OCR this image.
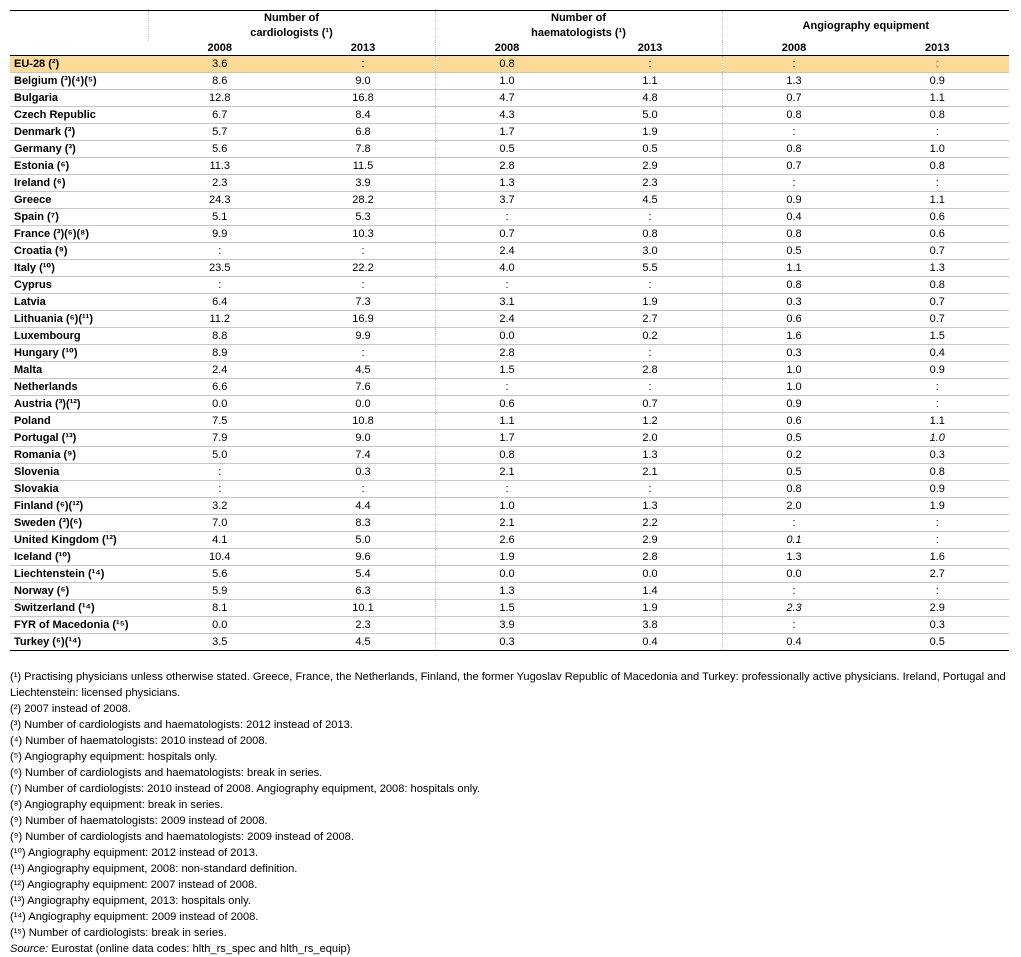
	Number of
cardiologists (¹)		Number of
haematologists (¹)		Angiography equipment	
	2008	2013	2008	2013	2008	2013
EU-28 (²)	3.6	:	0.8	:	:	:
Belgium (³)(⁴)(⁵)	8.6	9.0	1.0	1.1	1.3	0.9
Bulgaria	12.8	16.8	4.7	4.8	0.7	1.1
Czech Republic	6.7	8.4	4.3	5.0	0.8	0.8
Denmark (³)	5.7	6.8	1.7	1.9	:	:
Germany (³)	5.6	7.8	0.5	0.5	0.8	1.0
Estonia (⁶)	11.3	11.5	2.8	2.9	0.7	0.8
Ireland (⁶)	2.3	3.9	1.3	2.3	:	:
Greece	24.3	28.2	3.7	4.5	0.9	1.1
Spain (⁷)	5.1	5.3	:	:	0.4	0.6
France (³)(⁶)(⁸)	9.9	10.3	0.7	0.8	0.8	0.6
Croatia (⁹)	:	:	2.4	3.0	0.5	0.7
Italy (¹⁰)	23.5	22.2	4.0	5.5	1.1	1.3
Cyprus	:	:	:	:	0.8	0.8
Latvia	6.4	7.3	3.1	1.9	0.3	0.7
Lithuania (⁶)(¹¹)	11.2	16.9	2.4	2.7	0.6	0.7
Luxembourg	8.8	9.9	0.0	0.2	1.6	1.5
Hungary (¹⁰)	8.9	:	2.8	:	0.3	0.4
Malta	2.4	4.5	1.5	2.8	1.0	0.9
Netherlands	6.6	7.6	:	:	1.0	:
Austria (³)(¹²)	0.0	0.0	0.6	0.7	0.9	:
Poland	7.5	10.8	1.1	1.2	0.6	1.1
Portugal (¹³)	7.9	9.0	1.7	2.0	0.5	1.0
Romania (⁹)	5.0	7.4	0.8	1.3	0.2	0.3
Slovenia	:	0.3	2.1	2.1	0.5	0.8
Slovakia	:	:	:	:	0.8	0.9
Finland (⁶)(¹²)	3.2	4.4	1.0	1.3	2.0	1.9
Sweden (³)(⁶)	7.0	8.3	2.1	2.2	:	:
United Kingdom (¹²)	4.1	5.0	2.6	2.9	0.1	:
Iceland (¹⁰)	10.4	9.6	1.9	2.8	1.3	1.6
Liechtenstein (¹⁴)	5.6	5.4	0.0	0.0	0.0	2.7
Norway (⁶)	5.9	6.3	1.3	1.4	:	:
Switzerland (¹⁴)	8.1	10.1	1.5	1.9	2.3	2.9
FYR of Macedonia (¹⁵)	0.0	2.3	3.9	3.8	:	0.3
Turkey (⁶)(¹⁴)	3.5	4.5	0.3	0.4	0.4	0.5
(¹) Practising physicians unless otherwise stated. Greece, France, the Netherlands, Finland, the former Yugoslav Republic of Macedonia and Turkey: professionally active physicians. Ireland, Portugal and Liechtenstein: licensed physicians.
(²) 2007 instead of 2008.
(³) Number of cardiologists and haematologists: 2012 instead of 2013.
(⁴) Number of haematologists: 2010 instead of 2008.
(⁵) Angiography equipment: hospitals only.
(⁶) Number of cardiologists and haematologists: break in series.
(⁷) Number of cardiologists: 2010 instead of 2008. Angiography equipment, 2008: hospitals only.
(⁸) Angiography equipment: break in series.
(⁹) Number of haematologists: 2009 instead of 2008.
(⁹) Number of cardiologists and haematologists: 2009 instead of 2008.
(¹⁰) Angiography equipment: 2012 instead of 2013.
(¹¹) Angiography equipment, 2008: non-standard definition.
(¹²) Angiography equipment: 2007 instead of 2008.
(¹³) Angiography equipment, 2013: hospitals only.
(¹⁴) Angiography equipment: 2009 instead of 2008.
(¹⁵) Number of cardiologists: break in series.
Source: Eurostat (online data codes: hlth_rs_spec and hlth_rs_equip)
